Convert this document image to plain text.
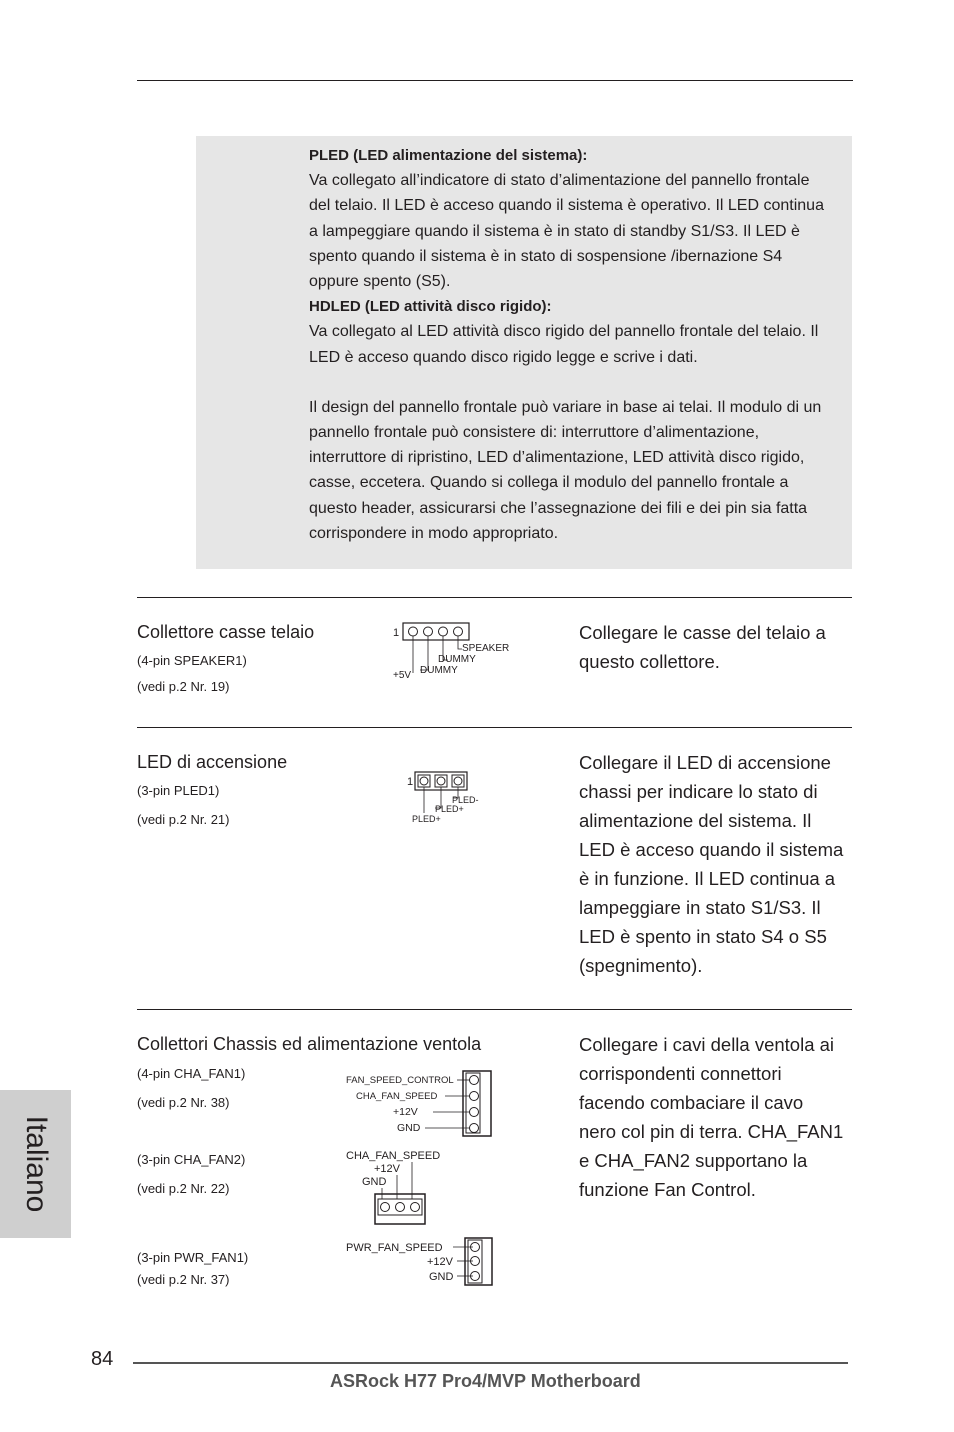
PLED (LED alimentazione del sistema):

Va collegato all’indicatore di stato d’alimentazione del pannello frontale

del telaio. Il LED è acceso quando il sistema è operativo. Il LED continua

a lampeggiare quando il sistema è in stato di standby S1/S3. Il LED è

spento quando il sistema è in stato di sospensione /ibernazione S4

oppure spento (S5).

HDLED (LED attività disco rigido):

Va collegato al LED attività disco rigido del pannello frontale del telaio. Il

LED è acceso quando disco rigido legge e scrive i dati.

Il design del pannello frontale può variare in base ai telai. Il modulo di un

pannello frontale può consistere di: interruttore d’alimentazione,

interruttore di ripristino, LED d’alimentazione, LED attività disco rigido,

casse, eccetera. Quando si collega il modulo del pannello frontale a

questo header, assicurarsi che l’assegnazione dei fili e dei pin sia fatta

corrispondere in modo appropriato.

Collettore casse telaio
(4-pin SPEAKER1)
(vedi p.2 Nr. 19)
1
SPEAKER
DUMMY
DUMMY
+5V

Collegare le casse del telaio a

questo collettore.

LED di accensione
(3-pin PLED1)
(vedi p.2 Nr. 21)
1
PLED-
PLED+
PLED+

Collegare il LED di accensione

chassi per indicare lo stato di

alimentazione del sistema. Il

LED è acceso quando il sistema

è in funzione. Il LED continua a

lampeggiare in stato S1/S3. Il

LED è spento in stato S4 o S5

(spegnimento).

Collettori Chassis ed alimentazione ventola
(4-pin CHA_FAN1)
(vedi p.2 Nr. 38)
(3-pin CHA_FAN2)
(vedi p.2 Nr. 22)
(3-pin PWR_FAN1)
(vedi p.2 Nr. 37)
FAN_SPEED_CONTROL
CHA_FAN_SPEED
+12V
GND
CHA_FAN_SPEED
+12V
GND
PWR_FAN_SPEED
+12V
GND

Collegare i cavi della ventola ai

corrispondenti connettori

facendo combaciare il cavo

nero col pin di terra. CHA_FAN1

e CHA_FAN2 supportano la

funzione Fan Control.

Italiano
84
ASRock H77 Pro4/MVP Motherboard
